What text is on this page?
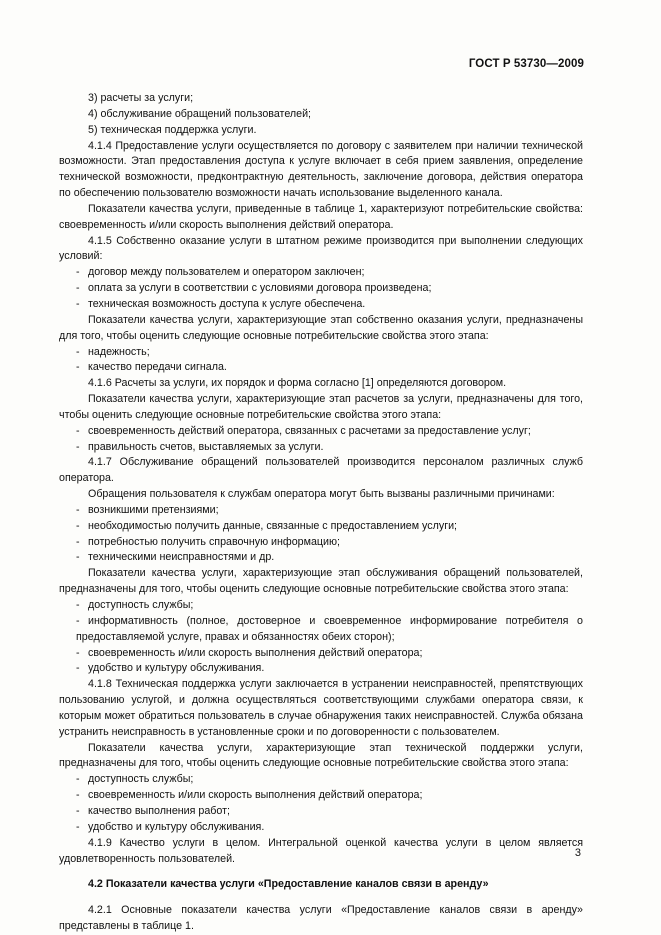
ГОСТ Р 53730—2009

3) расчеты за услуги;

4) обслуживание обращений пользователей;

5) техническая поддержка услуги.

4.1.4 Предоставление услуги осуществляется по договору с заявителем при наличии технической возможности. Этап предоставления доступа к услуге включает в себя прием заявления, определение технической возможности, предконтрактную деятельность, заключение договора, действия оператора по обеспечению пользователю возможности начать использование выделенного канала.

Показатели качества услуги, приведенные в таблице 1, характеризуют потребительские свойства: своевременность и/или скорость выполнения действий оператора.

4.1.5 Собственно оказание услуги в штатном режиме производится при выполнении следующих условий:

- договор между пользователем и оператором заключен;

- оплата за услуги в соответствии с условиями договора произведена;

- техническая возможность доступа к услуге обеспечена.

Показатели качества услуги, характеризующие этап собственно оказания услуги, предназначены для того, чтобы оценить следующие основные потребительские свойства этого этапа:

- надежность;

- качество передачи сигнала.

4.1.6 Расчеты за услуги, их порядок и форма согласно [1] определяются договором.

Показатели качества услуги, характеризующие этап расчетов за услуги, предназначены для того, чтобы оценить следующие основные потребительские свойства этого этапа:

- своевременность действий оператора, связанных с расчетами за предоставление услуг;

- правильность счетов, выставляемых за услуги.

4.1.7 Обслуживание обращений пользователей производится персоналом различных служб оператора.

Обращения пользователя к службам оператора могут быть вызваны различными причинами:

- возникшими претензиями;

- необходимостью получить данные, связанные с предоставлением услуги;

- потребностью получить справочную информацию;

- техническими неисправностями и др.

Показатели качества услуги, характеризующие этап обслуживания обращений пользователей, предназначены для того, чтобы оценить следующие основные потребительские свойства этого этапа:

- доступность службы;

- информативность (полное, достоверное и своевременное информирование потребителя о предоставляемой услуге, правах и обязанностях обеих сторон);

- своевременность и/или скорость выполнения действий оператора;

- удобство и культуру обслуживания.

4.1.8 Техническая поддержка услуги заключается в устранении неисправностей, препятствующих пользованию услугой, и должна осуществляться соответствующими службами оператора связи, к которым может обратиться пользователь в случае обнаружения таких неисправностей. Служба обязана устранить неисправность в установленные сроки и по договоренности с пользователем.

Показатели качества услуги, характеризующие этап технической поддержки услуги, предназначены для того, чтобы оценить следующие основные потребительские свойства этого этапа:

- доступность службы;

- своевременность и/или скорость выполнения действий оператора;

- качество выполнения работ;

- удобство и культуру обслуживания.

4.1.9 Качество услуги в целом. Интегральной оценкой качества услуги в целом является удовлетворенность пользователей.

4.2 Показатели качества услуги «Предоставление каналов связи в аренду»

4.2.1 Основные показатели качества услуги «Предоставление каналов связи в аренду» представлены в таблице 1.

3
